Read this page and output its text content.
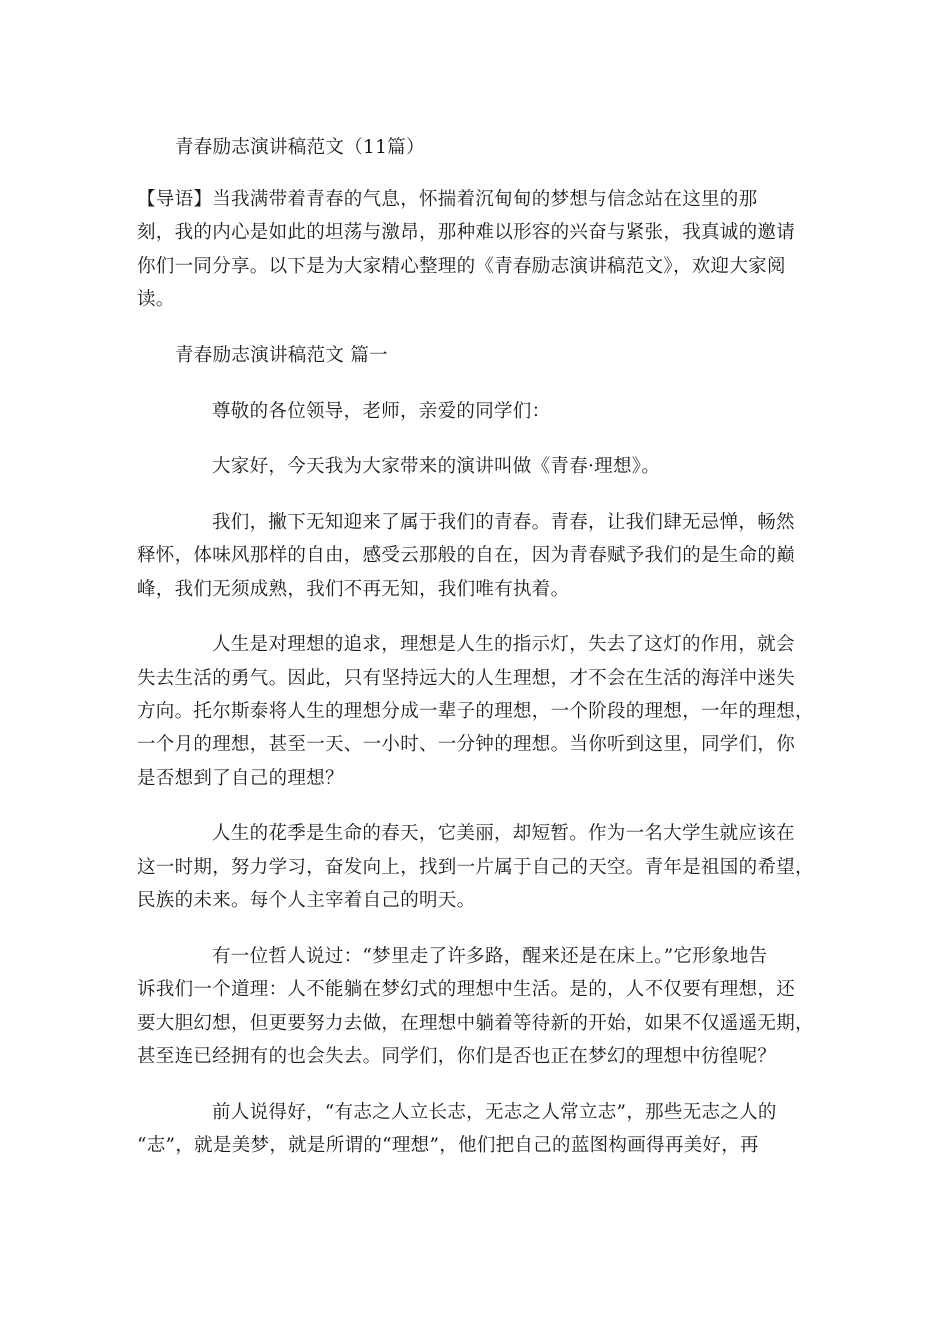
青春励志演讲稿范文（11篇）
【导语】当我满带着青春的气息，怀揣着沉甸甸的梦想与信念站在这里的那
刻，我的内心是如此的坦荡与激昂，那种难以形容的兴奋与紧张，我真诚的邀请
你们一同分享。以下是为大家精心整理的《青春励志演讲稿范文》，欢迎大家阅
读。
青春励志演讲稿范文 篇一
尊敬的各位领导，老师，亲爱的同学们：
大家好，今天我为大家带来的演讲叫做《青春·理想》。
我们，撇下无知迎来了属于我们的青春。青春，让我们肆无忌惮，畅然
释怀，体味风那样的自由，感受云那般的自在，因为青春赋予我们的是生命的巅
峰，我们无须成熟，我们不再无知，我们唯有执着。
人生是对理想的追求，理想是人生的指示灯，失去了这灯的作用，就会
失去生活的勇气。因此，只有坚持远大的人生理想，才不会在生活的海洋中迷失
方向。托尔斯泰将人生的理想分成一辈子的理想，一个阶段的理想，一年的理想，
一个月的理想，甚至一天、一小时、一分钟的理想。当你听到这里，同学们，你
是否想到了自己的理想？
人生的花季是生命的春天，它美丽，却短暂。作为一名大学生就应该在
这一时期，努力学习，奋发向上，找到一片属于自己的天空。青年是祖国的希望，
民族的未来。每个人主宰着自己的明天。
有一位哲人说过：“梦里走了许多路，醒来还是在床上。”它形象地告
诉我们一个道理：人不能躺在梦幻式的理想中生活。是的，人不仅要有理想，还
要大胆幻想，但更要努力去做，在理想中躺着等待新的开始，如果不仅遥遥无期，
甚至连已经拥有的也会失去。同学们，你们是否也正在梦幻的理想中彷徨呢？
前人说得好，“有志之人立长志，无志之人常立志”，那些无志之人的
“志”，就是美梦，就是所谓的“理想”，他们把自己的蓝图构画得再美好，再
